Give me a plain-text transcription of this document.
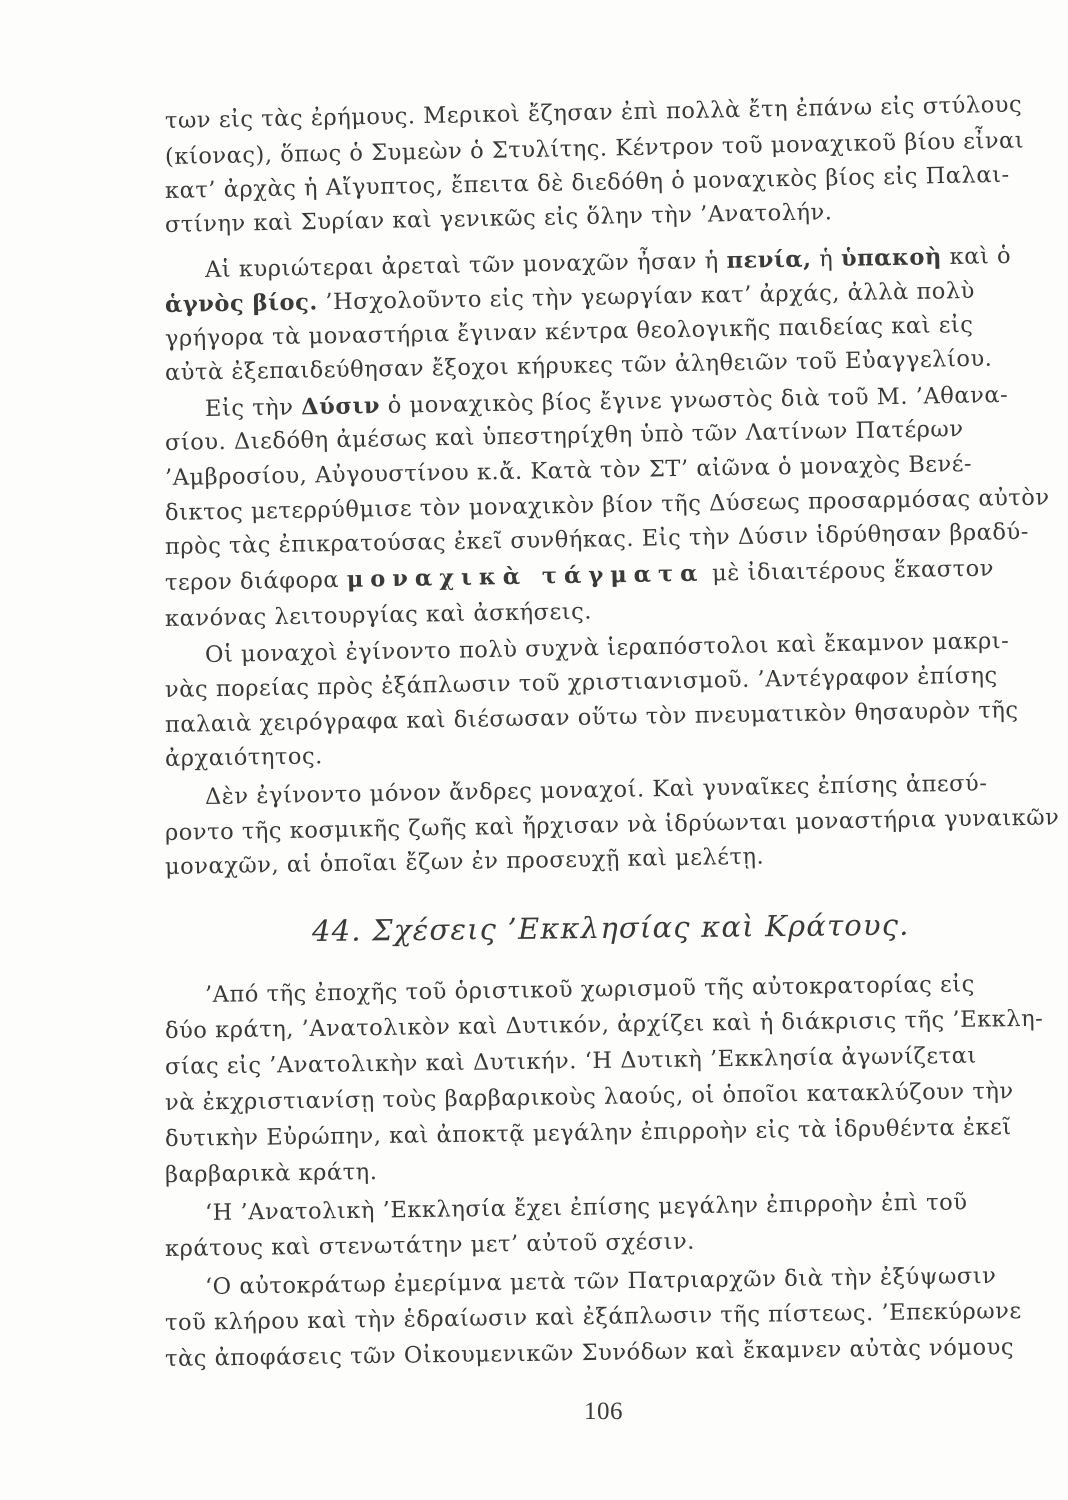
των εἰς τὰς ἐρήμους. Μερικοὶ ἔζησαν ἐπὶ πολλὰ ἔτη ἐπάνω εἰς στύλους
(κίονας), ὅπως ὁ Συμεὼν ὁ Στυλίτης. Κέντρον τοῦ μοναχικοῦ βίου εἶναι
κατ’ ἀρχὰς ἡ Αἴγυπτος, ἔπειτα δὲ διεδόθη ὁ μοναχικὸς βίος εἰς Παλαι-
στίνην καὶ Συρίαν καὶ γενικῶς εἰς ὅλην τὴν ’Ανατολήν.
Αἱ κυριώτεραι ἀρεταὶ τῶν μοναχῶν ἦσαν ἡ πενία, ἡ ὑπακοὴ καὶ ὁ
ἁγνὸς βίος. ’Ησχολοῦντο εἰς τὴν γεωργίαν κατ’ ἀρχάς, ἀλλὰ πολὺ
γρήγορα τὰ μοναστήρια ἔγιναν κέντρα θεολογικῆς παιδείας καὶ εἰς
αὐτὰ ἐξεπαιδεύθησαν ἔξοχοι κήρυκες τῶν ἀληθειῶν τοῦ Εὐαγγελίου.
Εἰς τὴν Δύσιν ὁ μοναχικὸς βίος ἔγινε γνωστὸς διὰ τοῦ Μ. ’Αθανα-
σίου. Διεδόθη ἀμέσως καὶ ὑπεστηρίχθη ὑπὸ τῶν Λατίνων Πατέρων
’Αμβροσίου, Αὐγουστίνου κ.ἄ. Κατὰ τὸν ΣΤ’ αἰῶνα ὁ μοναχὸς Βενέ-
δικτος μετερρύθμισε τὸν μοναχικὸν βίον τῆς Δύσεως προσαρμόσας αὐτὸν
πρὸς τὰς ἐπικρατούσας ἐκεῖ συνθήκας. Εἰς τὴν Δύσιν ἱδρύθησαν βραδύ-
τερον διάφορα μοναχικὰ τάγματα μὲ ἰδιαιτέρους ἕκαστον
κανόνας λειτουργίας καὶ ἀσκήσεις.
Οἱ μοναχοὶ ἐγίνοντο πολὺ συχνὰ ἱεραπόστολοι καὶ ἔκαμνον μακρι-
νὰς πορείας πρὸς ἐξάπλωσιν τοῦ χριστιανισμοῦ. ’Αντέγραφον ἐπίσης
παλαιὰ χειρόγραφα καὶ διέσωσαν οὕτω τὸν πνευματικὸν θησαυρὸν τῆς
ἀρχαιότητος.
Δὲν ἐγίνοντο μόνον ἄνδρες μοναχοί. Καὶ γυναῖκες ἐπίσης ἀπεσύ-
ροντο τῆς κοσμικῆς ζωῆς καὶ ἤρχισαν νὰ ἱδρύωνται μοναστήρια γυναικῶν
μοναχῶν, αἱ ὁποῖαι ἔζων ἐν προσευχῇ καὶ μελέτῃ.
44. Σχέσεις ’Εκκλησίας καὶ Κράτους.
’Από τῆς ἐποχῆς τοῦ ὁριστικοῦ χωρισμοῦ τῆς αὐτοκρατορίας εἰς
δύο κράτη, ’Ανατολικὸν καὶ Δυτικόν, ἀρχίζει καὶ ἡ διάκρισις τῆς ’Εκκλη-
σίας εἰς ’Ανατολικὴν καὶ Δυτικήν. ‘Η Δυτικὴ ’Εκκλησία ἀγωνίζεται
νὰ ἐκχριστιανίσῃ τοὺς βαρβαρικοὺς λαούς, οἱ ὁποῖοι κατακλύζουν τὴν
δυτικὴν Εὐρώπην, καὶ ἀποκτᾷ μεγάλην ἐπιρροὴν εἰς τὰ ἱδρυθέντα ἐκεῖ
βαρβαρικὰ κράτη.
‘Η ’Ανατολικὴ ’Εκκλησία ἔχει ἐπίσης μεγάλην ἐπιρροὴν ἐπὶ τοῦ
κράτους καὶ στενωτάτην μετ’ αὐτοῦ σχέσιν.
‘Ο αὐτοκράτωρ ἐμερίμνα μετὰ τῶν Πατριαρχῶν διὰ τὴν ἐξύψωσιν
τοῦ κλήρου καὶ τὴν ἑδραίωσιν καὶ ἐξάπλωσιν τῆς πίστεως. ’Επεκύρωνε
τὰς ἀποφάσεις τῶν Οἰκουμενικῶν Συνόδων καὶ ἔκαμνεν αὐτὰς νόμους
106
